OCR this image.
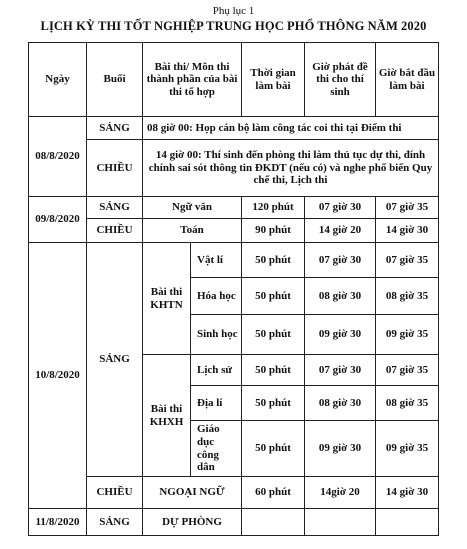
Phụ lục 1
LỊCH KỲ THI TỐT NGHIỆP TRUNG HỌC PHỔ THÔNG NĂM 2020
Ngày	Buổi	Bài thi/ Môn thi thành phần của bài thi tổ hợp		Thời gian làm bài	Giờ phát đề thi cho thí sinh	Giờ bắt đầu làm bài
08/8/2020	SÁNG	08 giờ 00: Họp cán bộ làm công tác coi thi tại Điểm thi				
	CHIỀU	14 giờ 00: Thí sinh đến phòng thi làm thủ tục dự thi, đính chính sai sót thông tin ĐKDT (nếu có) và nghe phổ biến Quy chế thi, Lịch thi				
09/8/2020	SÁNG	Ngữ văn		120 phút	07 giờ 30	07 giờ 35
	CHIỀU	Toán		90 phút	14 giờ 20	14 giờ 30
10/8/2020	SÁNG	Bài thi KHTN	Vật lí	50 phút	07 giờ 30	07 giờ 35
			Hóa học	50 phút	08 giờ 30	08 giờ 35
			Sinh học	50 phút	09 giờ 30	09 giờ 35
		Bài thi KHXH	Lịch sử	50 phút	07 giờ 30	07 giờ 35
			Địa lí	50 phút	08 giờ 30	08 giờ 35
			Giáo dục công dân	50 phút	09 giờ 30	09 giờ 35
	CHIỀU	NGOẠI NGỮ		60 phút	14giờ 20	14 giờ 30
11/8/2020	SÁNG	DỰ PHÒNG				
